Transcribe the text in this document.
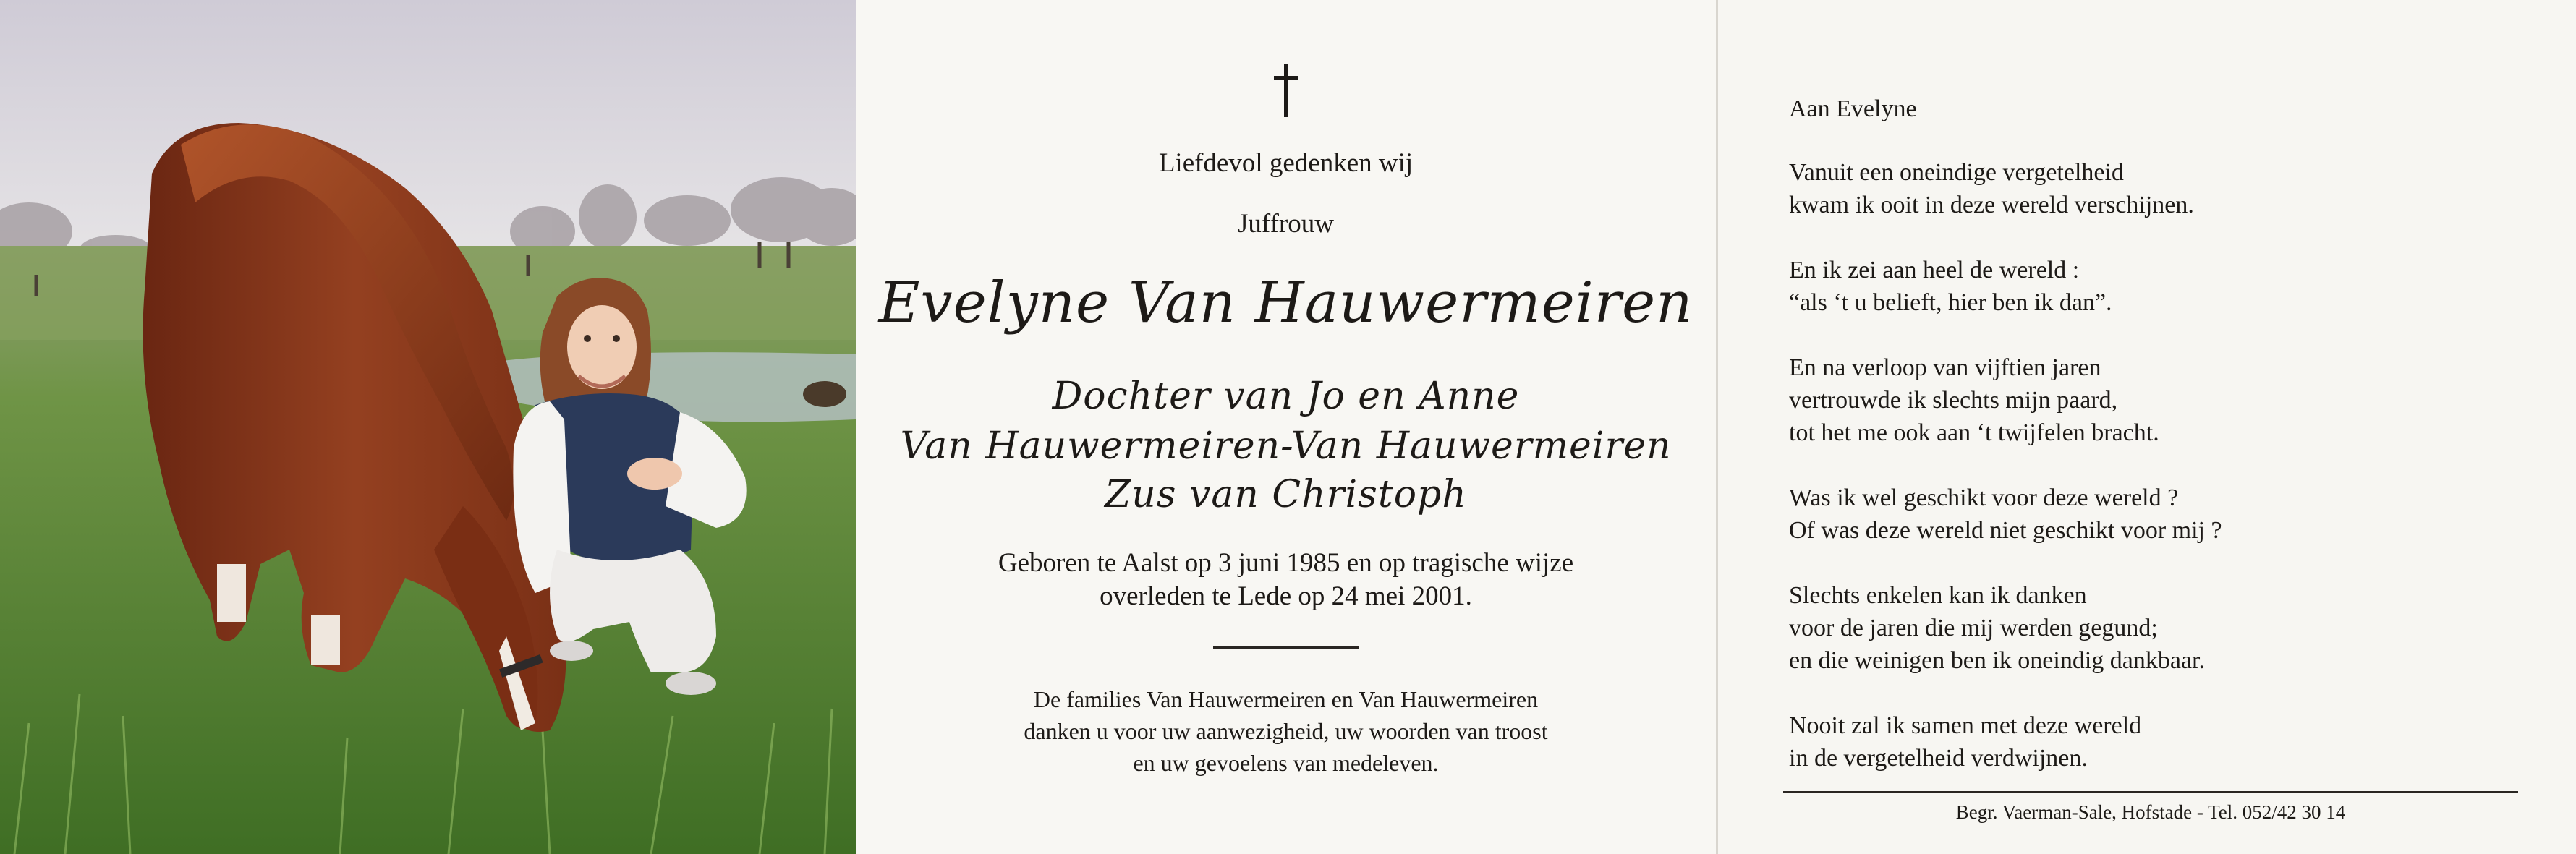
Liefdevol gedenken wij
Juffrouw
Evelyne Van Hauwermeiren
Dochter van Jo en Anne
Van Hauwermeiren-Van Hauwermeiren
Zus van Christoph
Geboren te Aalst op 3 juni 1985 en op tragische wijze
overleden te Lede op 24 mei 2001.
De families Van Hauwermeiren en Van Hauwermeiren
danken u voor uw aanwezigheid, uw woorden van troost
en uw gevoelens van medeleven.
Aan Evelyne
Vanuit een oneindige vergetelheid
kwam ik ooit in deze wereld verschijnen.
En ik zei aan heel de wereld :
“als ‘t u belieft, hier ben ik dan”.
En na verloop van vijftien jaren
vertrouwde ik slechts mijn paard,
tot het me ook aan ‘t twijfelen bracht.
Was ik wel geschikt voor deze wereld ?
Of was deze wereld niet geschikt voor mij ?
Slechts enkelen kan ik danken
voor de jaren die mij werden gegund;
en die weinigen ben ik oneindig dankbaar.
Nooit zal ik samen met deze wereld
in de vergetelheid verdwijnen.
Begr. Vaerman-Sale, Hofstade - Tel. 052/42 30 14
